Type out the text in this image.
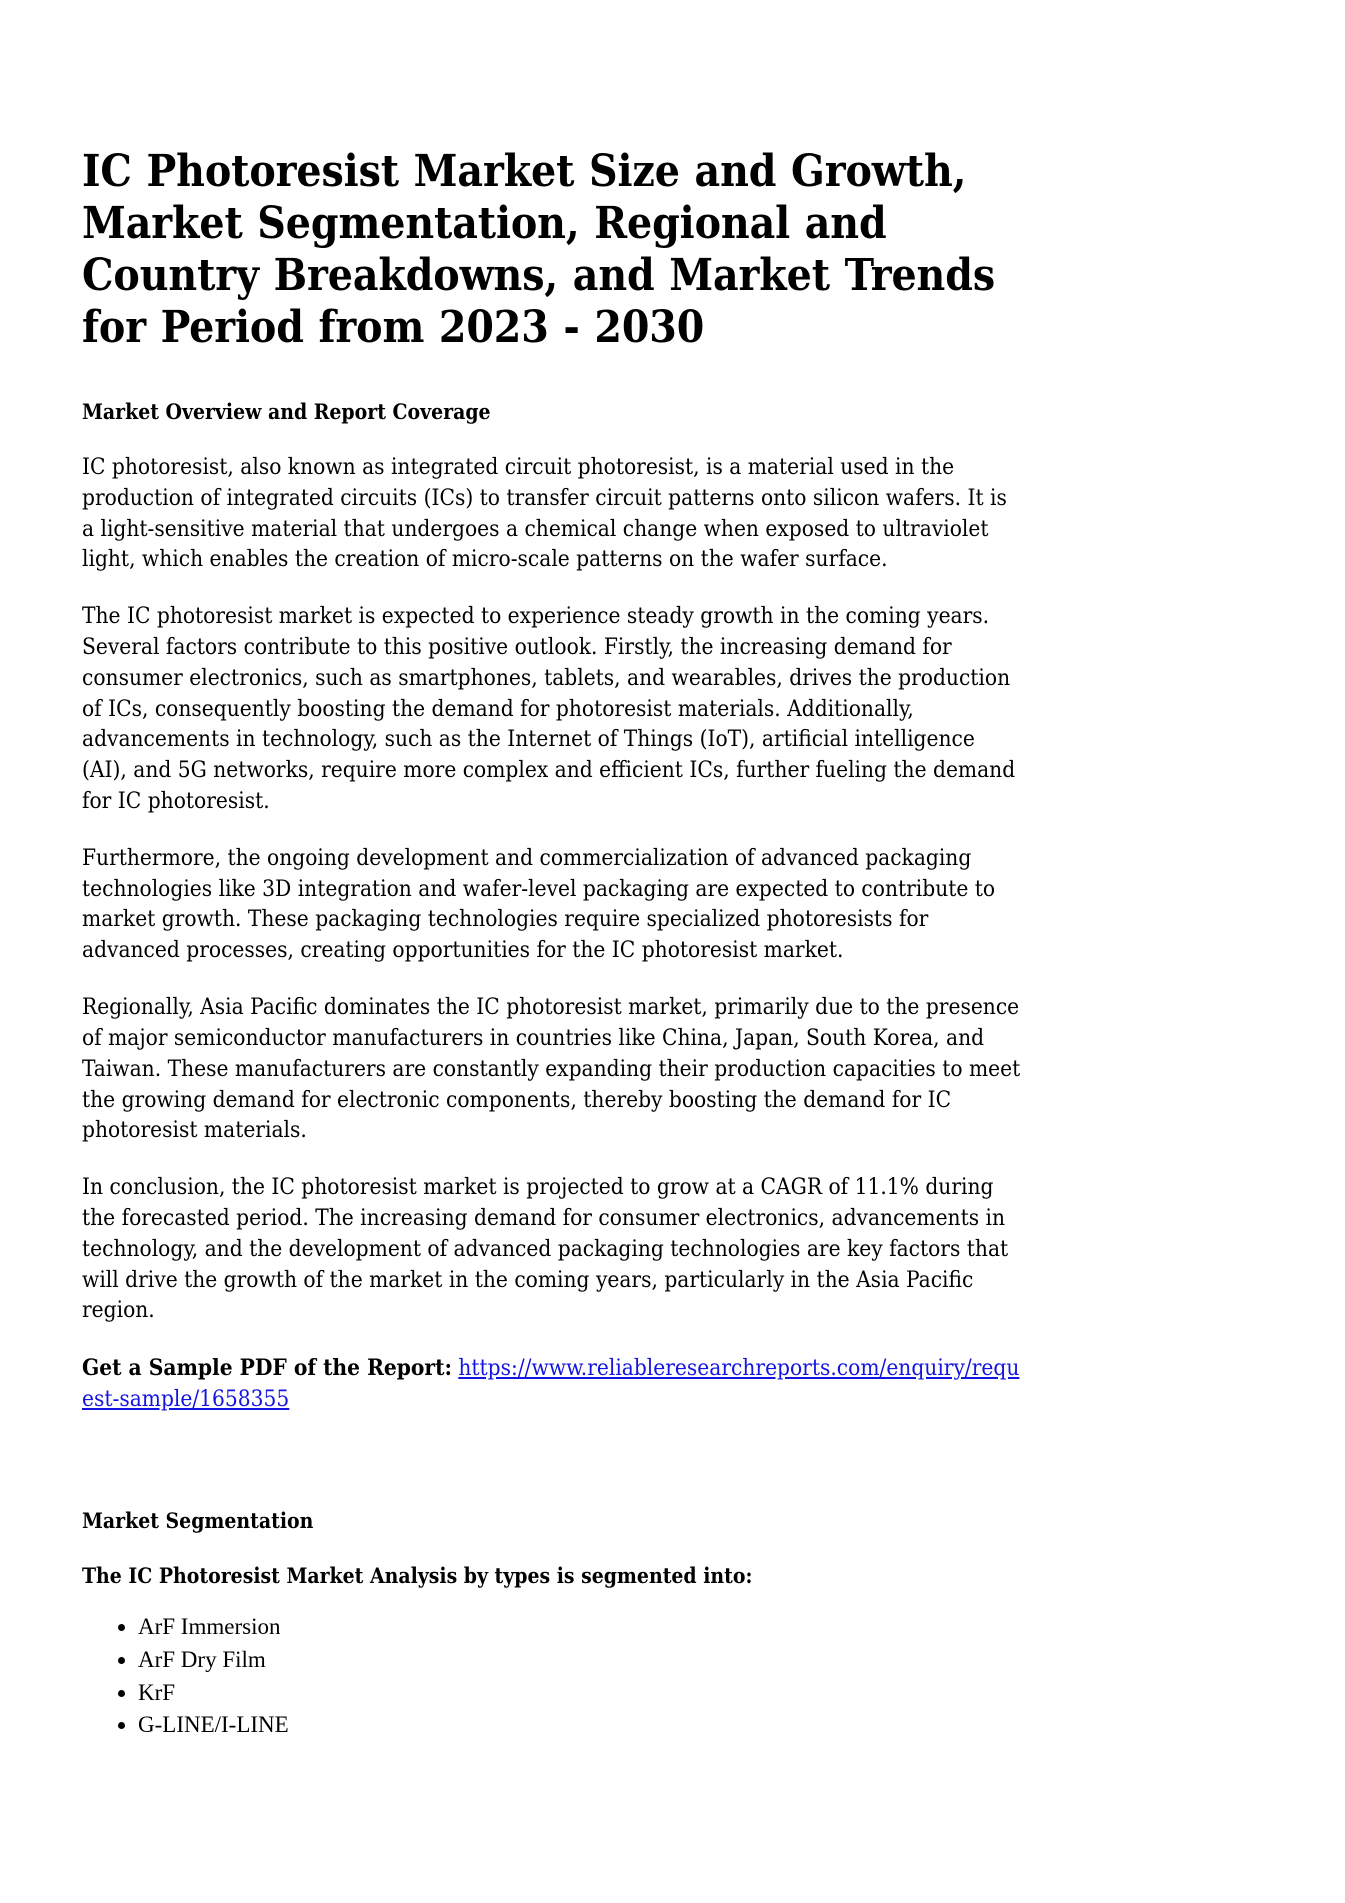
IC Photoresist Market Size and Growth, Market Segmentation, Regional and Country Breakdowns, and Market Trends for Period from 2023 - 2030
Market Overview and Report Coverage

IC photoresist, also known as integrated circuit photoresist, is a material used in the production of integrated circuits (ICs) to transfer circuit patterns onto silicon wafers. It is a light-sensitive material that undergoes a chemical change when exposed to ultraviolet light, which enables the creation of micro-scale patterns on the wafer surface.

The IC photoresist market is expected to experience steady growth in the coming years. Several factors contribute to this positive outlook. Firstly, the increasing demand for consumer electronics, such as smartphones, tablets, and wearables, drives the production of ICs, consequently boosting the demand for photoresist materials. Additionally, advancements in technology, such as the Internet of Things (IoT), artificial intelligence (AI), and 5G networks, require more complex and efficient ICs, further fueling the demand for IC photoresist.

Furthermore, the ongoing development and commercialization of advanced packaging technologies like 3D integration and wafer-level packaging are expected to contribute to market growth. These packaging technologies require specialized photoresists for advanced processes, creating opportunities for the IC photoresist market.

Regionally, Asia Pacific dominates the IC photoresist market, primarily due to the presence of major semiconductor manufacturers in countries like China, Japan, South Korea, and Taiwan. These manufacturers are constantly expanding their production capacities to meet the growing demand for electronic components, thereby boosting the demand for IC photoresist materials.

In conclusion, the IC photoresist market is projected to grow at a CAGR of 11.1% during the forecasted period. The increasing demand for consumer electronics, advancements in technology, and the development of advanced packaging technologies are key factors that will drive the growth of the market in the coming years, particularly in the Asia Pacific region.

Get a Sample PDF of the Report: https://www.reliableresearchreports.com/enquiry/request-sample/1658355

Market Segmentation
The IC Photoresist Market Analysis by types is segmented into:
• ArF Immersion
• ArF Dry Film
• KrF
• G-LINE/I-LINE
